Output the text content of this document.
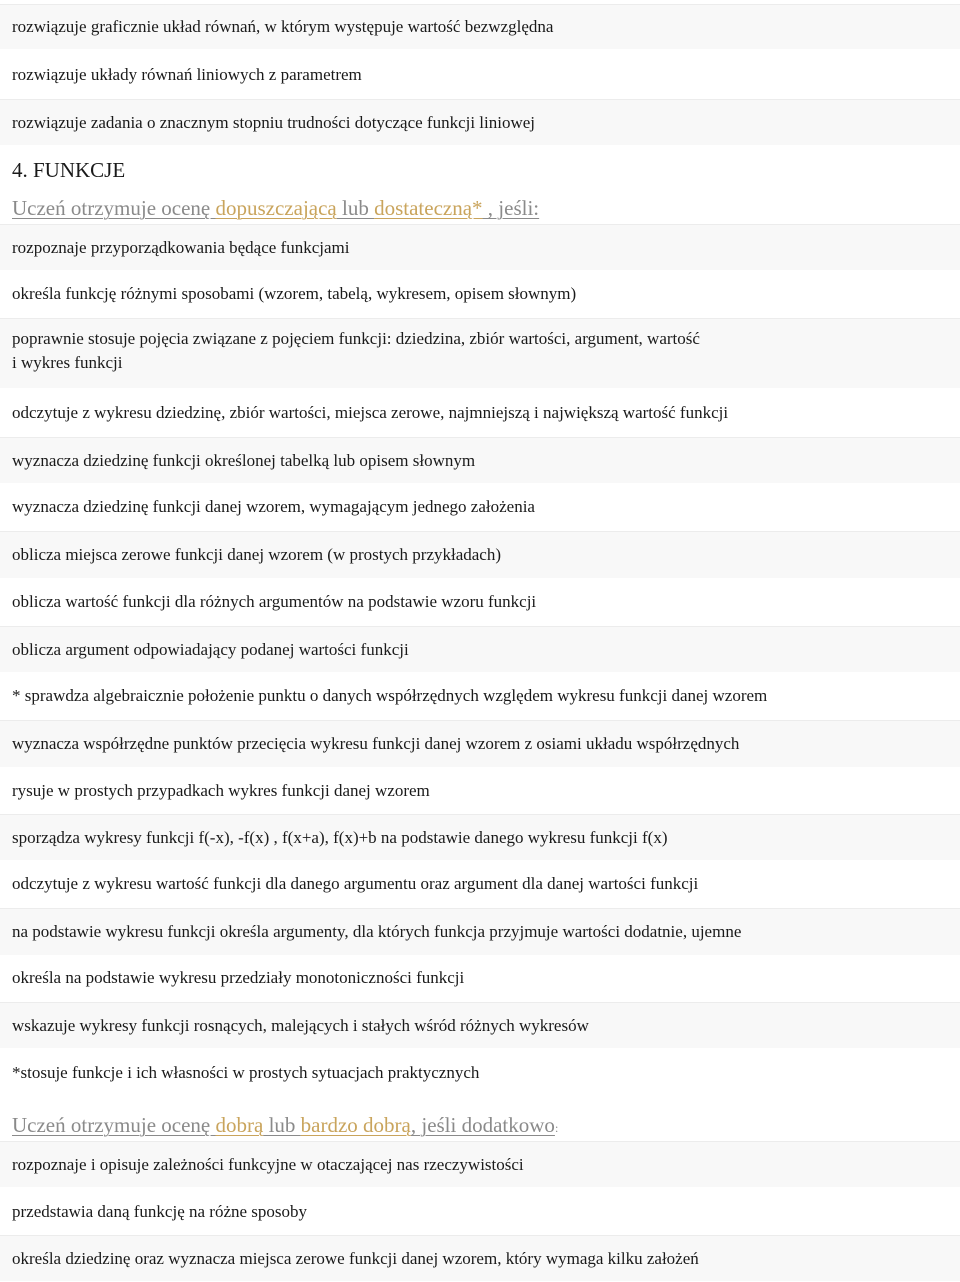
rozwiązuje graficznie układ równań, w którym występuje wartość bezwzględna
rozwiązuje układy równań liniowych z parametrem
rozwiązuje zadania o znacznym stopniu trudności dotyczące funkcji liniowej
4. FUNKCJE
Uczeń otrzymuje ocenę dopuszczającą lub dostateczną* , jeśli:
rozpoznaje przyporządkowania będące funkcjami
określa funkcję różnymi sposobami (wzorem, tabelą, wykresem, opisem słownym)
poprawnie stosuje pojęcia związane z pojęciem funkcji: dziedzina, zbiór wartości, argument, wartość
i wykres funkcji
odczytuje z wykresu dziedzinę, zbiór wartości, miejsca zerowe, najmniejszą i największą wartość funkcji
wyznacza dziedzinę funkcji określonej tabelką lub opisem słownym
wyznacza dziedzinę funkcji danej wzorem, wymagającym jednego założenia
oblicza miejsca zerowe funkcji danej wzorem (w prostych przykładach)
oblicza wartość funkcji dla różnych argumentów na podstawie wzoru funkcji
oblicza argument odpowiadający podanej wartości funkcji
* sprawdza algebraicznie położenie punktu o danych współrzędnych względem wykresu funkcji danej wzorem
wyznacza współrzędne punktów przecięcia wykresu funkcji danej wzorem z osiami układu współrzędnych
rysuje w prostych przypadkach wykres funkcji danej wzorem
sporządza wykresy funkcji f(-x), -f(x) , f(x+a), f(x)+b na podstawie danego wykresu funkcji f(x)
odczytuje z wykresu wartość funkcji dla danego argumentu oraz argument dla danej wartości funkcji
na podstawie wykresu funkcji określa argumenty, dla których funkcja przyjmuje wartości dodatnie, ujemne
określa na podstawie wykresu przedziały monotoniczności funkcji
wskazuje wykresy funkcji rosnących, malejących i stałych wśród różnych wykresów
*stosuje funkcje i ich własności w prostych sytuacjach praktycznych
Uczeń otrzymuje ocenę dobrą lub bardzo dobrą, jeśli dodatkowo:
rozpoznaje i opisuje zależności funkcyjne w otaczającej nas rzeczywistości
przedstawia daną funkcję na różne sposoby
określa dziedzinę oraz wyznacza miejsca zerowe funkcji danej wzorem, który wymaga kilku założeń
